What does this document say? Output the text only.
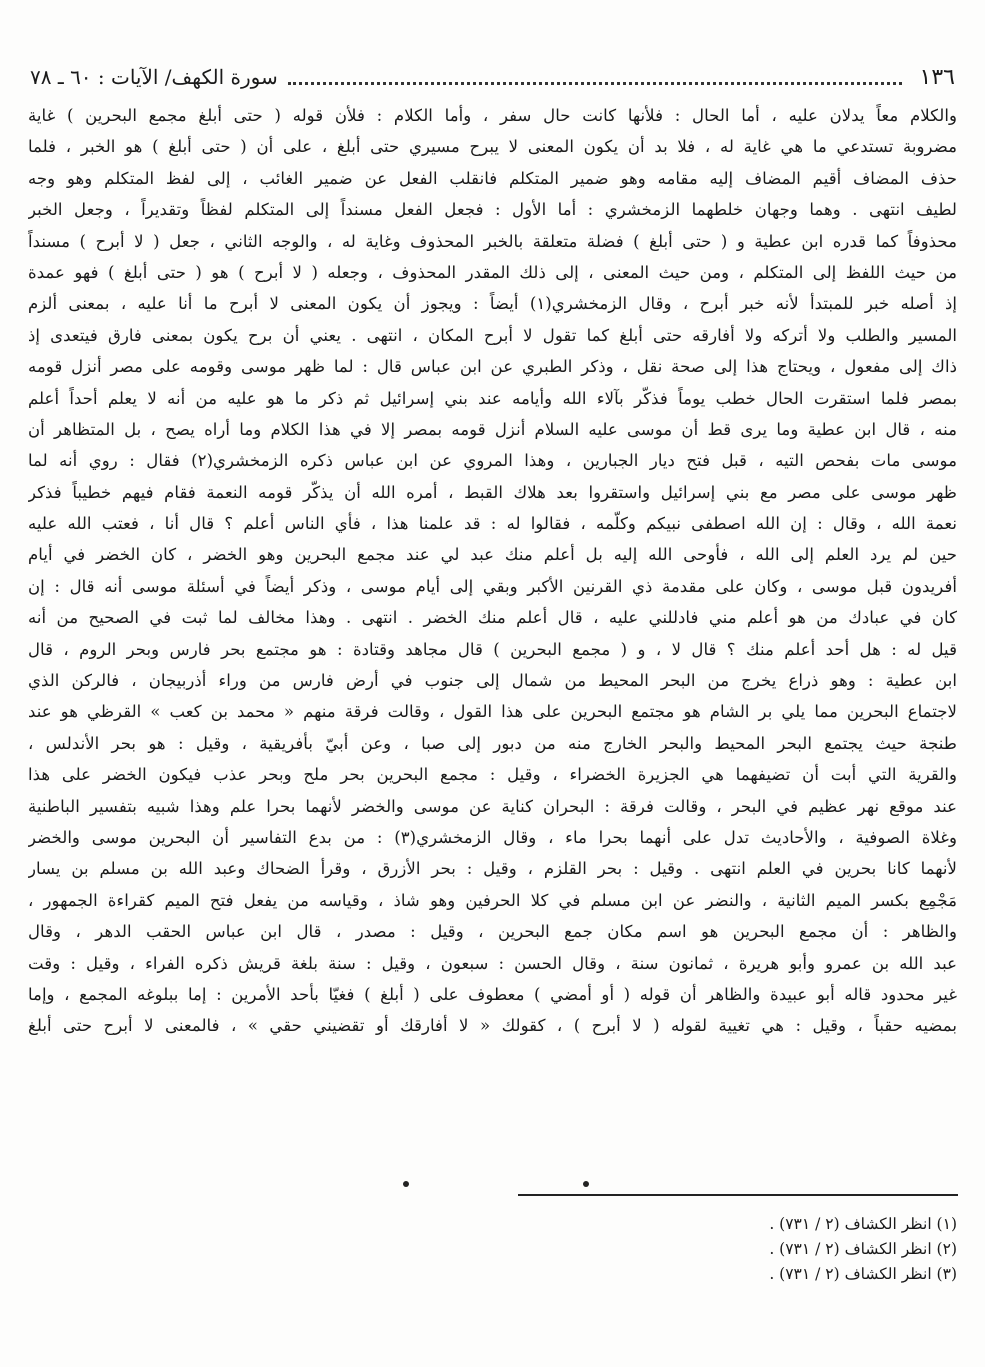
١٣٦
سورة الكهف/ الآيات : ٦٠ ـ ٧٨
والكلام معاً يدلان عليه ، أما الحال : فلأنها كانت حال سفر ، وأما الكلام : فلأن قوله ( حتى أبلغ مجمع البحرين ) غاية
مضروبة تستدعي ما هي غاية له ، فلا بد أن يكون المعنى لا يبرح مسيري حتى أبلغ ، على أن ( حتى أبلغ ) هو الخبر ، فلما
حذف المضاف أقيم المضاف إليه مقامه وهو ضمير المتكلم فانقلب الفعل عن ضمير الغائب ، إلى لفظ المتكلم وهو وجه
لطيف انتهى . وهما وجهان خلطهما الزمخشري : أما الأول : فجعل الفعل مسنداً إلى المتكلم لفظاً وتقديراً ، وجعل الخبر
محذوفاً كما قدره ابن عطية و ( حتى أبلغ ) فضلة متعلقة بالخبر المحذوف وغاية له ، والوجه الثاني ، جعل ( لا أبرح ) مسنداً
من حيث اللفظ إلى المتكلم ، ومن حيث المعنى ، إلى ذلك المقدر المحذوف ، وجعله ( لا أبرح ) هو ( حتى أبلغ ) فهو عمدة
إذ أصله خبر للمبتدأ لأنه خبر أبرح ، وقال الزمخشري(١) أيضاً : ويجوز أن يكون المعنى لا أبرح ما أنا عليه ، بمعنى ألزم
المسير والطلب ولا أتركه ولا أفارقه حتى أبلغ كما تقول لا أبرح المكان ، انتهى . يعني أن برح يكون بمعنى فارق فيتعدى إذ
ذاك إلى مفعول ، ويحتاج هذا إلى صحة نقل ، وذكر الطبري عن ابن عباس قال : لما ظهر موسى وقومه على مصر أنزل قومه
بمصر فلما استقرت الحال خطب يوماً فذكّر بآلاء الله وأيامه عند بني إسرائيل ثم ذكر ما هو عليه من أنه لا يعلم أحداً أعلم
منه ، قال ابن عطية وما يرى قط أن موسى عليه السلام أنزل قومه بمصر إلا في هذا الكلام وما أراه يصح ، بل المتظاهر أن
موسى مات بفحص التيه ، قبل فتح ديار الجبارين ، وهذا المروي عن ابن عباس ذكره الزمخشري(٢) فقال : روي أنه لما
ظهر موسى على مصر مع بني إسرائيل واستقروا بعد هلاك القبط ، أمره الله أن يذكّر قومه النعمة فقام فيهم خطيباً فذكر
نعمة الله ، وقال : إن الله اصطفى نبيكم وكلّمه ، فقالوا له : قد علمنا هذا ، فأي الناس أعلم ؟ قال أنا ، فعتب الله عليه
حين لم يرد العلم إلى الله ، فأوحى الله إليه بل أعلم منك عبد لي عند مجمع البحرين وهو الخضر ، كان الخضر في أيام
أفريدون قبل موسى ، وكان على مقدمة ذي القرنين الأكبر وبقي إلى أيام موسى ، وذكر أيضاً في أسئلة موسى أنه قال : إن
كان في عبادك من هو أعلم مني فادللني عليه ، قال أعلم منك الخضر . انتهى . وهذا مخالف لما ثبت في الصحيح من أنه
قيل له : هل أحد أعلم منك ؟ قال لا ، و ( مجمع البحرين ) قال مجاهد وقتادة : هو مجتمع بحر فارس وبحر الروم ، قال
ابن عطية : وهو ذراع يخرج من البحر المحيط من شمال إلى جنوب في أرض فارس من وراء أذربيجان ، فالركن الذي
لاجتماع البحرين مما يلي بر الشام هو مجتمع البحرين على هذا القول ، وقالت فرقة منهم « محمد بن كعب » القرظي هو عند
طنجة حيث يجتمع البحر المحيط والبحر الخارج منه من دبور إلى صبا ، وعن أبيّ بأفريقية ، وقيل : هو بحر الأندلس ،
والقرية التي أبت أن تضيفهما هي الجزيرة الخضراء ، وقيل : مجمع البحرين بحر ملح وبحر عذب فيكون الخضر على هذا
عند موقع نهر عظيم في البحر ، وقالت فرقة : البحران كناية عن موسى والخضر لأنهما بحرا علم وهذا شبيه بتفسير الباطنية
وغلاة الصوفية ، والأحاديث تدل على أنهما بحرا ماء ، وقال الزمخشري(٣) : من بدع التفاسير أن البحرين موسى والخضر
لأنهما كانا بحرين في العلم انتهى . وقيل : بحر القلزم ، وقيل : بحر الأزرق ، وقرأ الضحاك وعبد الله بن مسلم بن يسار
مَجْمِع بكسر الميم الثانية ، والنضر عن ابن مسلم في كلا الحرفين وهو شاذ ، وقياسه من يفعل فتح الميم كقراءة الجمهور ،
والظاهر : أن مجمع البحرين هو اسم مكان جمع البحرين ، وقيل : مصدر ، قال ابن عباس الحقب الدهر ، وقال
عبد الله بن عمرو وأبو هريرة ، ثمانون سنة ، وقال الحسن : سبعون ، وقيل : سنة بلغة قريش ذكره الفراء ، وقيل : وقت
غير محدود قاله أبو عبيدة والظاهر أن قوله ( أو أمضي ) معطوف على ( أبلغ ) فغيّا بأحد الأمرين : إما ببلوغه المجمع ، وإما
بمضيه حقباً ، وقيل : هي تغيية لقوله ( لا أبرح ) ، كقولك « لا أفارقك أو تقضيني حقي » ، فالمعنى لا أبرح حتى أبلغ
(١) انظر الكشاف (٢ / ٧٣١) .
(٢) انظر الكشاف (٢ / ٧٣١) .
(٣) انظر الكشاف (٢ / ٧٣١) .
